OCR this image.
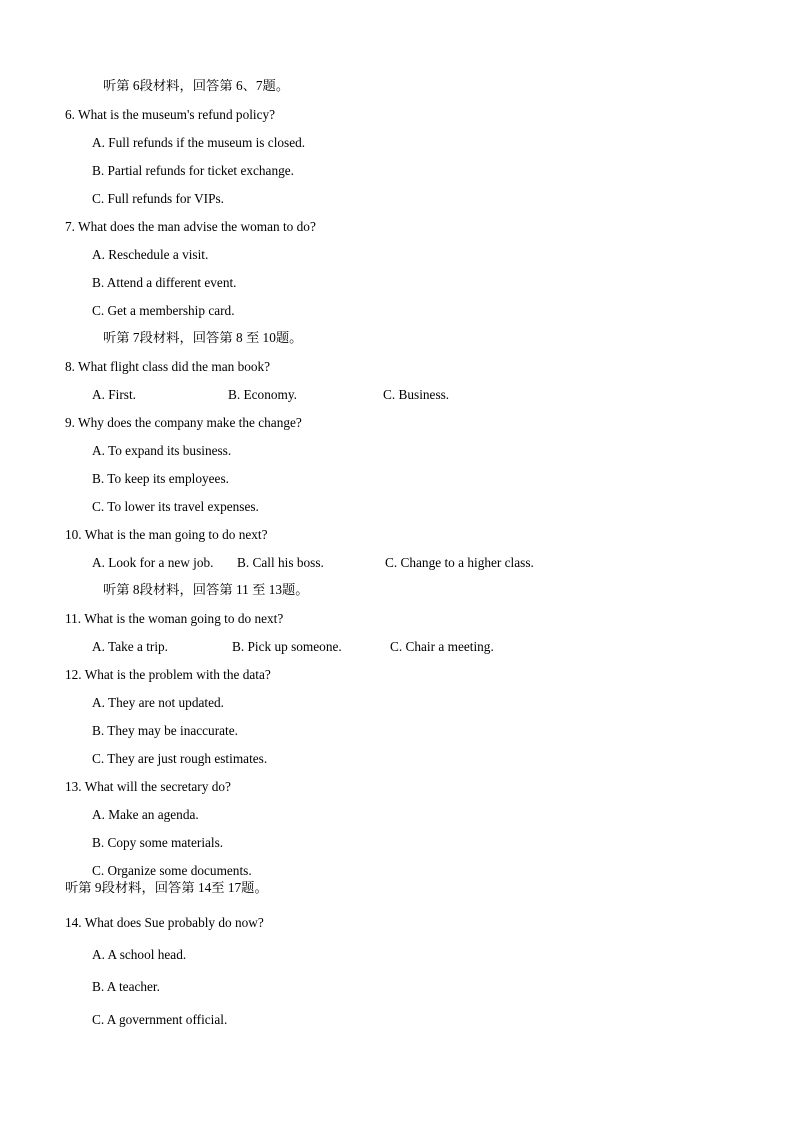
听第 6段材料，回答第 6、7题。
6. What is the museum's refund policy?
A. Full refunds if the museum is closed.
B. Partial refunds for ticket exchange.
C. Full refunds for VIPs.
7. What does the man advise the woman to do?
A. Reschedule a visit.
B. Attend a different event.
C. Get a membership card.
听第 7段材料，回答第 8 至 10题。
8. What flight class did the man book?
A. First.	B. Economy.	C. Business.
9. Why does the company make the change?
A. To expand its business.
B. To keep its employees.
C. To lower its travel expenses.
10. What is the man going to do next?
A. Look for a new job. B. Call his boss.	C. Change to a higher class.
听第 8段材料，回答第 11 至 13题。
11. What is the woman going to do next?
A. Take a trip.	B. Pick up someone.	C. Chair a meeting.
12. What is the problem with the data?
A. They are not updated.
B. They may be inaccurate.
C. They are just rough estimates.
13. What will the secretary do?
A. Make an agenda.
B. Copy some materials.
C. Organize some documents.
听第 9段材料，回答第 14至 17题。
14. What does Sue probably do now?
A. A school head.
B. A teacher.
C. A government official.
